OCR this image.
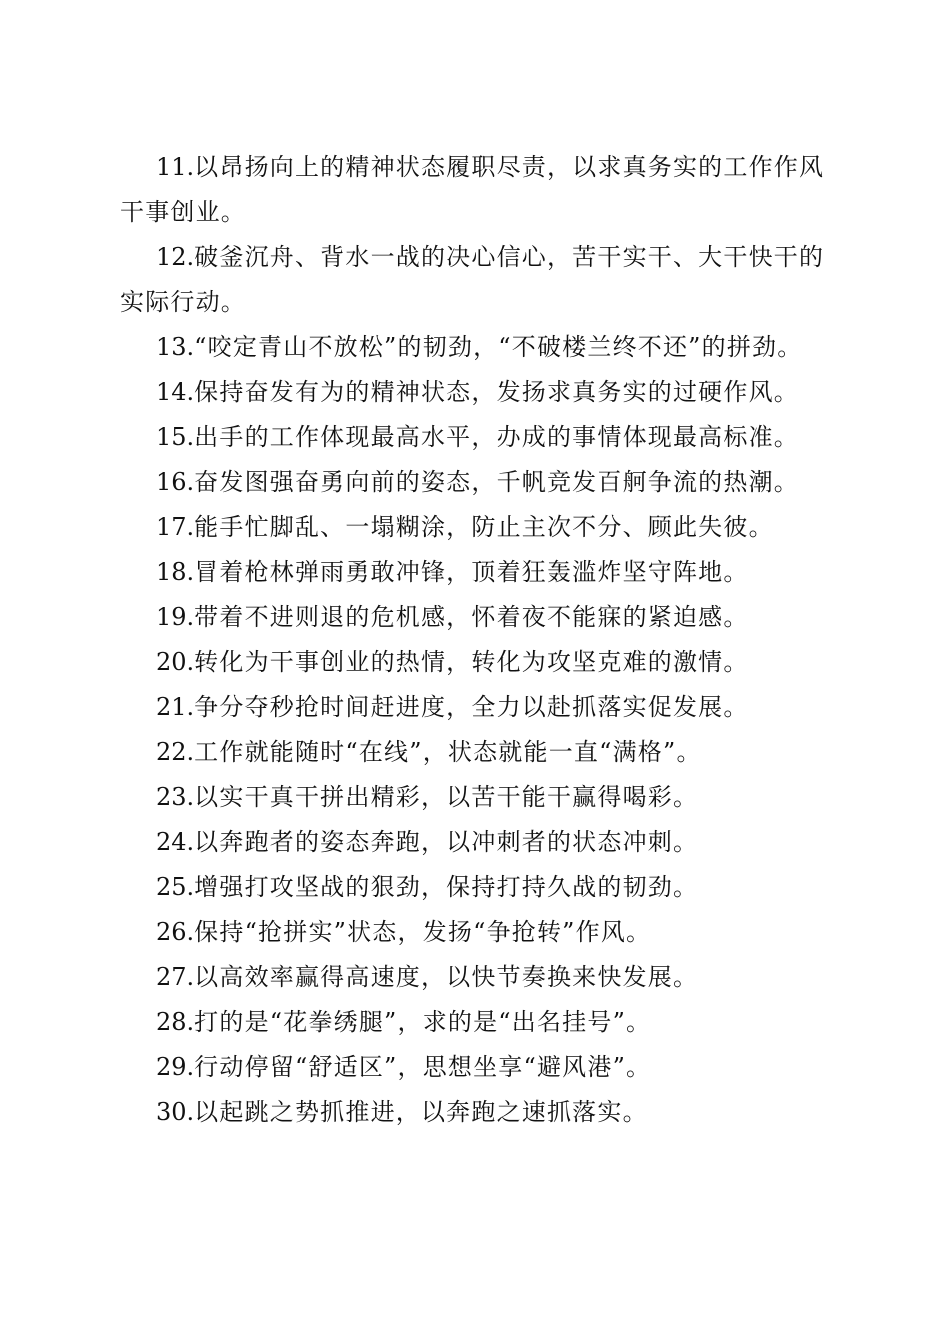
11.以昂扬向上的精神状态履职尽责，以求真务实的工作作风干事创业。

12.破釜沉舟、背水一战的决心信心，苦干实干、大干快干的实际行动。

13.“咬定青山不放松”的韧劲，“不破楼兰终不还”的拼劲。

14.保持奋发有为的精神状态，发扬求真务实的过硬作风。

15.出手的工作体现最高水平，办成的事情体现最高标准。

16.奋发图强奋勇向前的姿态，千帆竞发百舸争流的热潮。

17.能手忙脚乱、一塌糊涂，防止主次不分、顾此失彼。

18.冒着枪林弹雨勇敢冲锋，顶着狂轰滥炸坚守阵地。

19.带着不进则退的危机感，怀着夜不能寐的紧迫感。

20.转化为干事创业的热情，转化为攻坚克难的激情。

21.争分夺秒抢时间赶进度，全力以赴抓落实促发展。

22.工作就能随时“在线”，状态就能一直“满格”。

23.以实干真干拼出精彩，以苦干能干赢得喝彩。

24.以奔跑者的姿态奔跑，以冲刺者的状态冲刺。

25.增强打攻坚战的狠劲，保持打持久战的韧劲。

26.保持“抢拼实”状态，发扬“争抢转”作风。

27.以高效率赢得高速度，以快节奏换来快发展。

28.打的是“花拳绣腿”，求的是“出名挂号”。

29.行动停留“舒适区”，思想坐享“避风港”。

30.以起跳之势抓推进，以奔跑之速抓落实。
